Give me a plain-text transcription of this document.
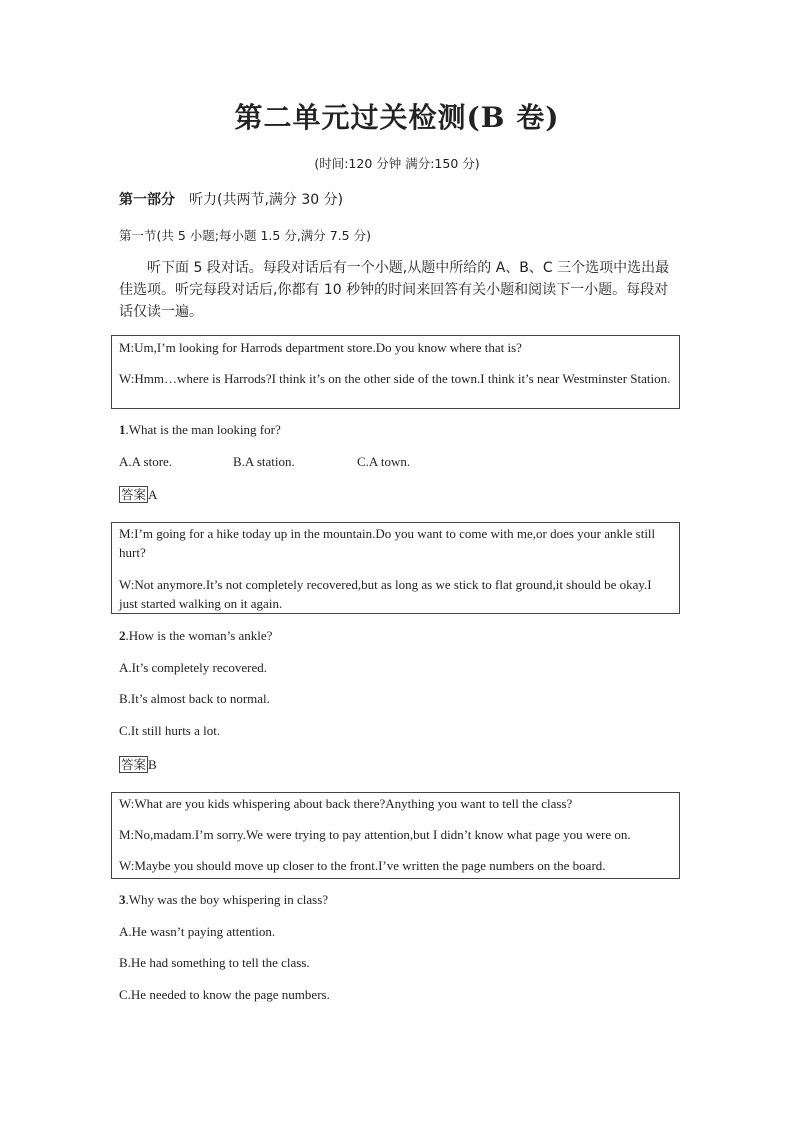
第二单元过关检测(B 卷)
(时间:120 分钟 满分:150 分)
第一部分 听力(共两节,满分 30 分)
第一节(共 5 小题;每小题 1.5 分,满分 7.5 分)
听下面 5 段对话。每段对话后有一个小题,从题中所给的 A、B、C 三个选项中选出最佳选项。听完每段对话后,你都有 10 秒钟的时间来回答有关小题和阅读下一小题。每段对话仅读一遍。

M:Um,I’m looking for Harrods department store.Do you know where that is?

W:Hmm…where is Harrods?I think it’s on the other side of the town.I think it’s near Westminster Station.

1.What is the man looking for?
A.A store.	B.A station.	C.A town.
答案 A

M:I’m going for a hike today up in the mountain.Do you want to come with me,or does your ankle still hurt?

W:Not anymore.It’s not completely recovered,but as long as we stick to flat ground,it should be okay.I just started walking on it again.

2.How is the woman’s ankle?
A.It’s completely recovered.
B.It’s almost back to normal.
C.It still hurts a lot.
答案 B

W:What are you kids whispering about back there?Anything you want to tell the class?

M:No,madam.I’m sorry.We were trying to pay attention,but I didn’t know what page you were on.

W:Maybe you should move up closer to the front.I’ve written the page numbers on the board.

3.Why was the boy whispering in class?
A.He wasn’t paying attention.
B.He had something to tell the class.
C.He needed to know the page numbers.
